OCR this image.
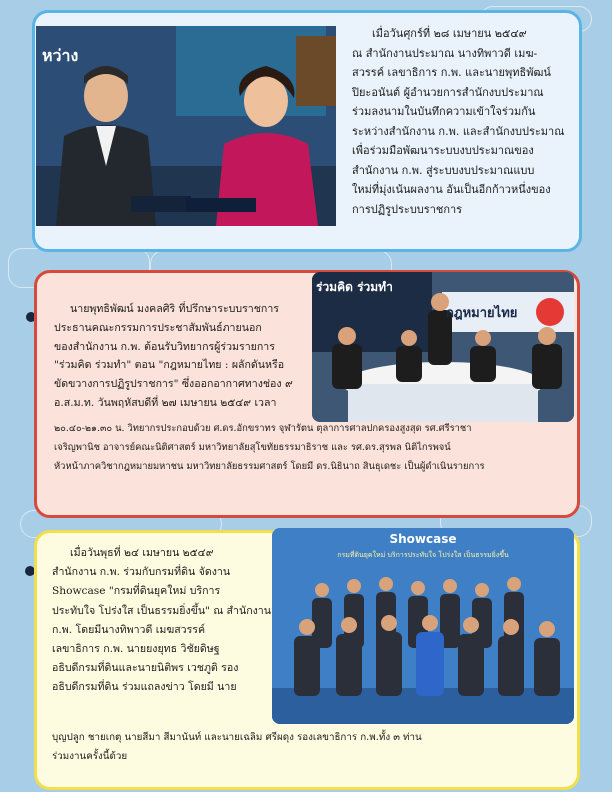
หว่าง
เมื่อวันศุกร์ที่ ๒๘ เมษายน ๒๕๔๙
ณ สำนักงานประมาณ นางทิพาวดี เมฆ-
สวรรค์ เลขาธิการ ก.พ. และนายพุทธิพัฒน์
ปิยะอนันต์ ผู้อำนวยการสำนักงบประมาณ
ร่วมลงนามในบันทึกความเข้าใจร่วมกัน
ระหว่างสำนักงาน ก.พ. และสำนักงบประมาณ
เพื่อร่วมมือพัฒนาระบบงบประมาณของ
สำนักงาน ก.พ. สู่ระบบงบประมาณแบบ
ใหม่ที่มุ่งเน้นผลงาน อันเป็นอีกก้าวหนึ่งของ
การปฏิรูประบบราชการ
ร่วมคิด ร่วมทำ
กฎหมายไทย
นายพุทธิพัฒน์ มงคลศิริ ที่ปรึกษาระบบราชการ
ประธานคณะกรรมการประชาสัมพันธ์ภายนอก
ของสำนักงาน ก.พ. ต้อนรับวิทยากรผู้ร่วมรายการ
"ร่วมคิด ร่วมทำ" ตอน "กฎหมายไทย : ผลักดันหรือ
ขัดขวางการปฏิรูปราชการ" ซึ่งออกอากาศทางช่อง ๙
อ.ส.ม.ท. วันพฤหัสบดีที่ ๒๗ เมษายน ๒๕๔๙ เวลา
๒๐.๔๐-๒๑.๓๐ น. วิทยากรประกอบด้วย ศ.ดร.อักขราทร จุฬารัตน ตุลาการศาลปกครองสูงสุด รศ.ศรีราชา
เจริญพานิช อาจารย์คณะนิติศาสตร์ มหาวิทยาลัยสุโขทัยธรรมาธิราช และ รศ.ดร.สุรพล นิติไกรพจน์
หัวหน้าภาควิชากฎหมายมหาชน มหาวิทยาลัยธรรมศาสตร์ โดยมี ดร.นิธินาถ สินธุเดชะ เป็นผู้ดำเนินรายการ
Showcase
กรมที่ดินยุคใหม่ บริการประทับใจ โปร่งใส เป็นธรรมยิ่งขึ้น
เมื่อวันพุธที่ ๒๔ เมษายน ๒๕๔๙
สำนักงาน ก.พ. ร่วมกับกรมที่ดิน จัดงาน
Showcase "กรมที่ดินยุคใหม่ บริการ
ประทับใจ โปร่งใส เป็นธรรมยิ่งขึ้น" ณ สำนักงาน
ก.พ. โดยมีนางทิพาวดี เมฆสวรรค์
เลขาธิการ ก.พ. นายยงยุทธ วิชัยดิษฐ
อธิบดีกรมที่ดินและนายนิติพร เวชภูติ รอง
อธิบดีกรมที่ดิน ร่วมแถลงข่าว โดยมี นาย
บุญปลูก ชายเกตุ นายสีมา สีมานันท์ และนายเฉลิม ศรีผดุง รองเลขาธิการ ก.พ.ทั้ง ๓ ท่าน
ร่วมงานครั้งนี้ด้วย
